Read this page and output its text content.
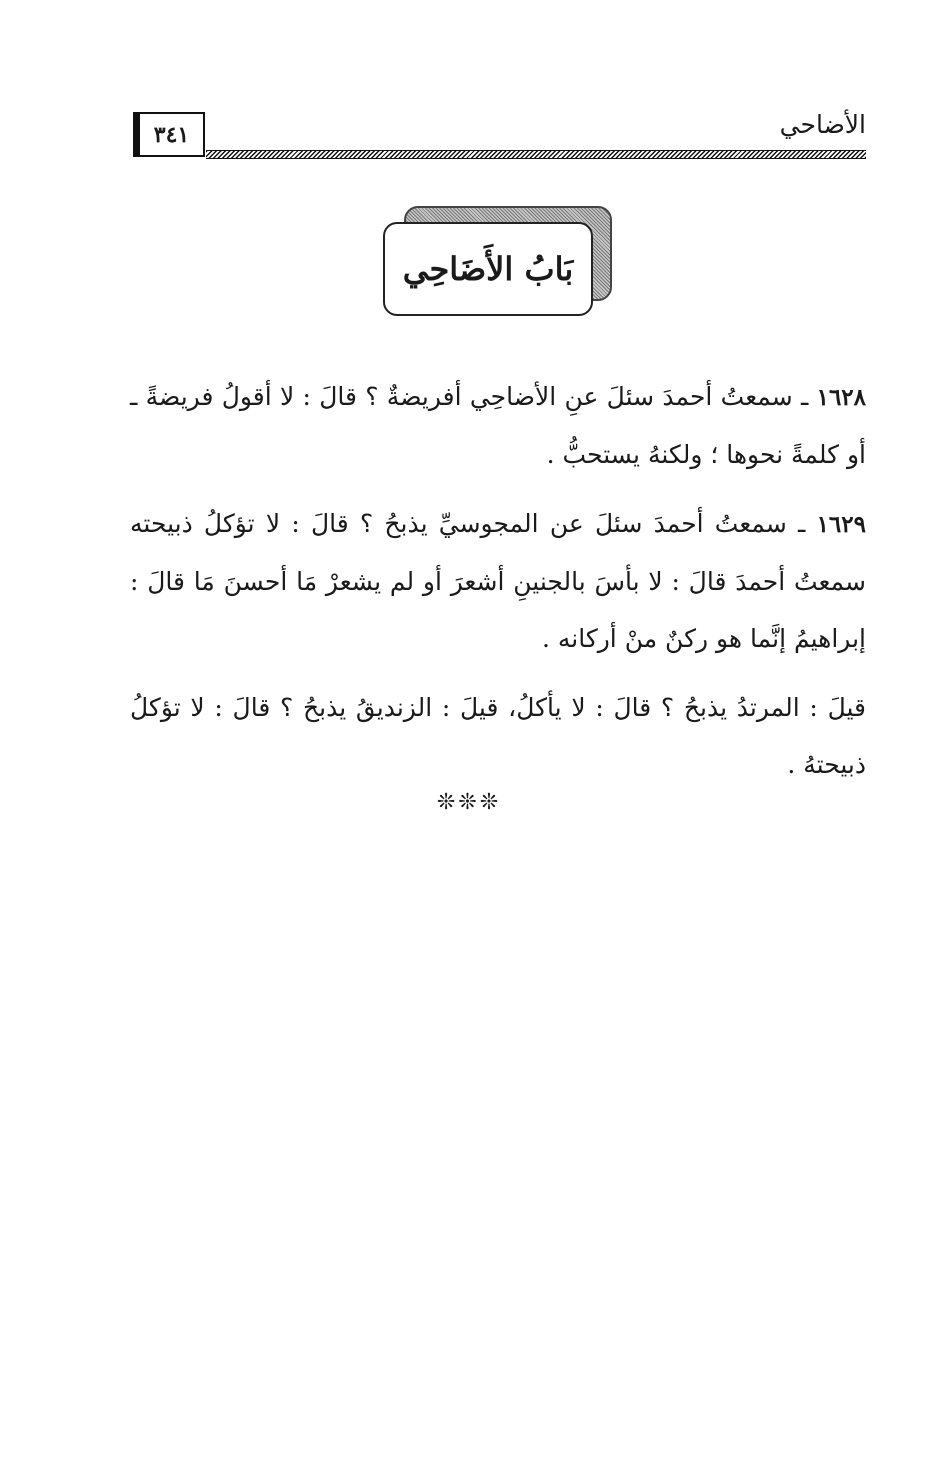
الأضاحي
٣٤١
بَابُ الأَضَاحِي

١٦٢٨ ـ سمعتُ أحمدَ سئلَ عنِ الأضاحِي أفريضةٌ ؟ قالَ : لا أقولُ فريضةً ـ أو كلمةً نحوها ؛ ولكنهُ يستحبُّ .

١٦٢٩ ـ سمعتُ أحمدَ سئلَ عن المجوسيِّ يذبحُ ؟ قالَ : لا تؤكلُ ذبيحته سمعتُ أحمدَ قالَ : لا بأسَ بالجنينِ أشعرَ أو لم يشعرْ مَا أحسنَ مَا قالَ : إبراهيمُ إنَّما هو ركنٌ منْ أركانه .

قيلَ : المرتدُ يذبحُ ؟ قالَ : لا يأكلُ، قيلَ : الزنديقُ يذبحُ ؟ قالَ : لا تؤكلُ ذبيحتهُ .

❊❊❊
